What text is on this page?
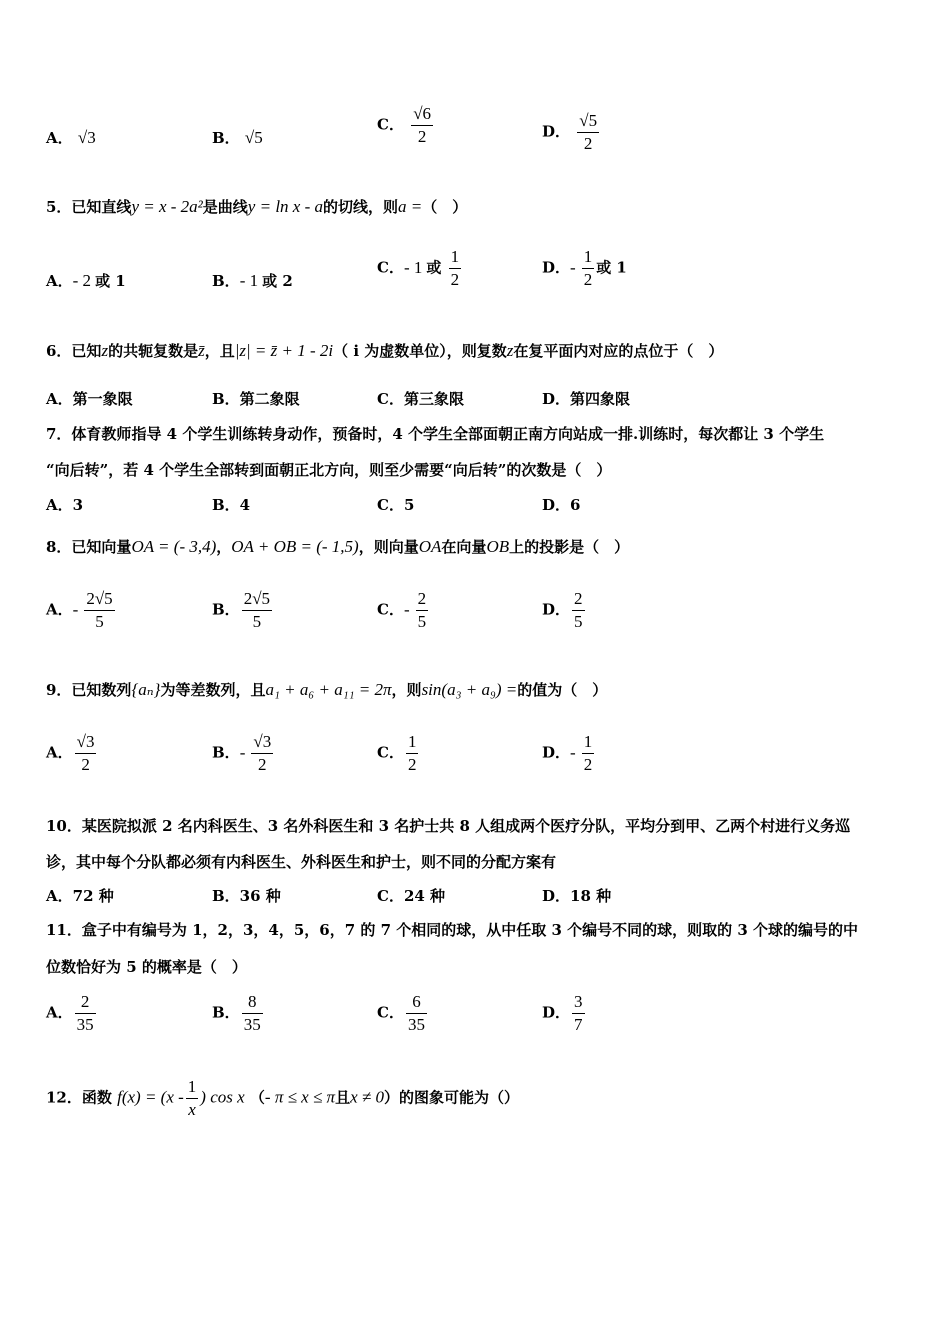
A． √3	B． √5
C． $\frac{√6}{2}$	D． $\frac{√5}{2}$
5．已知直线y = x - 2a²是曲线y = ln x - a的切线，则a =（　）
A．- 2 或 1	B．- 1 或 2
C．- 1 或 $\frac{1}{2}$	D．- $\frac{1}{2}$ 或 1
6．已知z的共轭复数是z̄，且|z| = z̄ + 1 - 2i（ i 为虚数单位），则复数z在复平面内对应的点位于（　）
A．第一象限	B．第二象限	C．第三象限	D．第四象限
7．体育教师指导 4 个学生训练转身动作，预备时，4 个学生全部面朝正南方向站成一排.训练时，每次都让 3 个学生
“向后转”，若 4 个学生全部转到面朝正北方向，则至少需要“向后转”的次数是（　）
A．3	B．4	C．5	D．6
8．已知向量OA = (- 3,4)，OA + OB = (- 1,5)，则向量OA在向量OB上的投影是（　）
A．- $\frac{2√5}{5}$	B． $\frac{2√5}{5}$	C．- $\frac{2}{5}$	D． $\frac{2}{5}$
9．已知数列{aₙ}为等差数列，且a₁ + a₆ + a₁₁ = 2π，则sin(a₃ + a₉) =的值为（　）
A． $\frac{√3}{2}$	B．- $\frac{√3}{2}$	C． $\frac{1}{2}$	D．- $\frac{1}{2}$
10．某医院拟派 2 名内科医生、3 名外科医生和 3 名护士共 8 人组成两个医疗分队，平均分到甲、乙两个村进行义务巡
诊，其中每个分队都必须有内科医生、外科医生和护士，则不同的分配方案有
A．72 种	B．36 种	C．24 种	D．18 种
11．盒子中有编号为 1，2，3，4，5，6，7 的 7 个相同的球，从中任取 3 个编号不同的球，则取的 3 个球的编号的中
位数恰好为 5 的概率是（　）
A． $\frac{2}{35}$	B． $\frac{8}{35}$	C． $\frac{6}{35}$	D． $\frac{3}{7}$
12．函数 $f(x) = (x - \frac{1}{x}$ ) cos x （- π ≤ x ≤ π且x ≠ 0）的图象可能为（）
